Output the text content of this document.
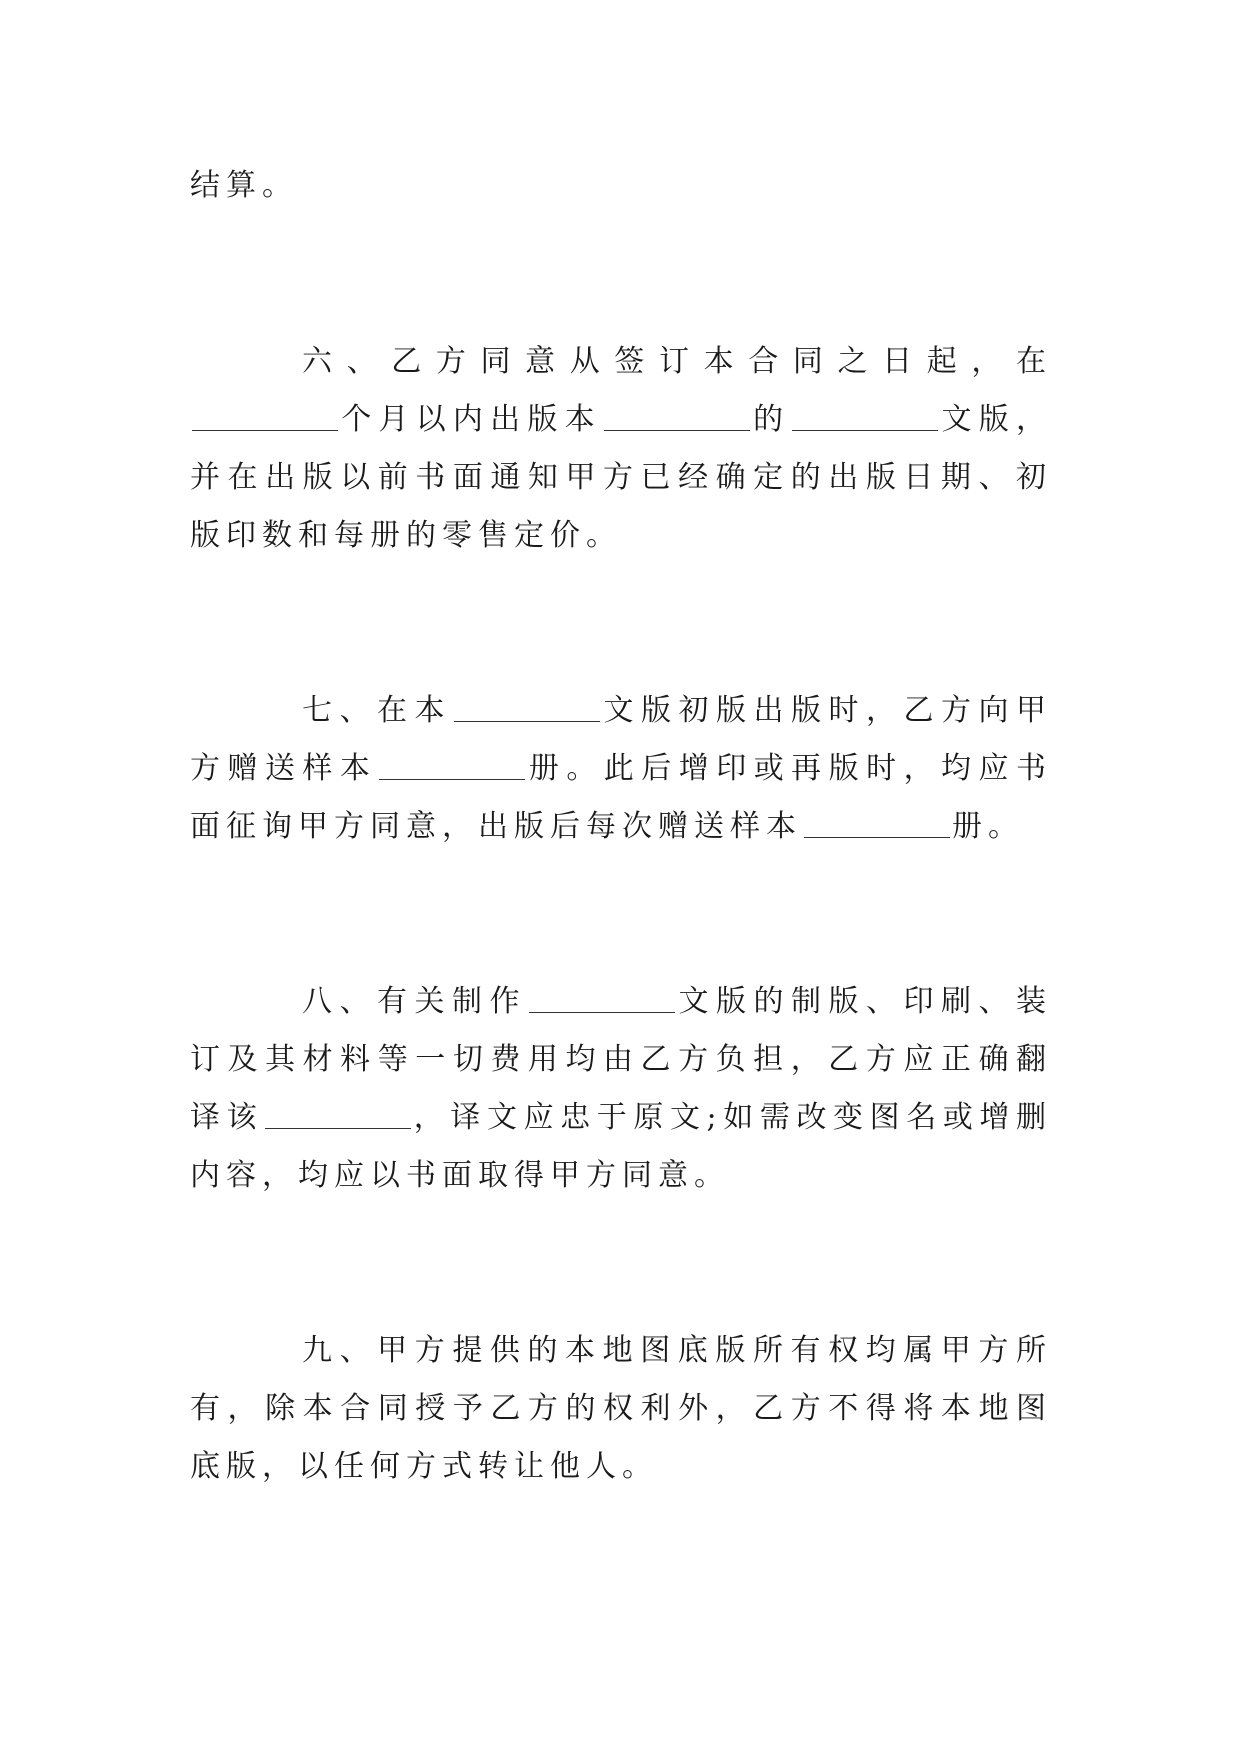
结算。

六、乙方同意从签订本合同之日起，在个月以内出版本	的	文版，并在出版以前书面通知甲方已经确定的出版日期、初版印数和每册的零售定价。

七、在本	文版初版出版时，乙方向甲方赠送样本	册。此后增印或再版时，均应书面征询甲方同意，出版后每次赠送样本	册。

八、有关制作	文版的制版、印刷、装订及其材料等一切费用均由乙方负担，乙方应正确翻译该	，译文应忠于原文;如需改变图名或增删内容，均应以书面取得甲方同意。

九、甲方提供的本地图底版所有权均属甲方所有，除本合同授予乙方的权利外，乙方不得将本地图底版，以任何方式转让他人。
